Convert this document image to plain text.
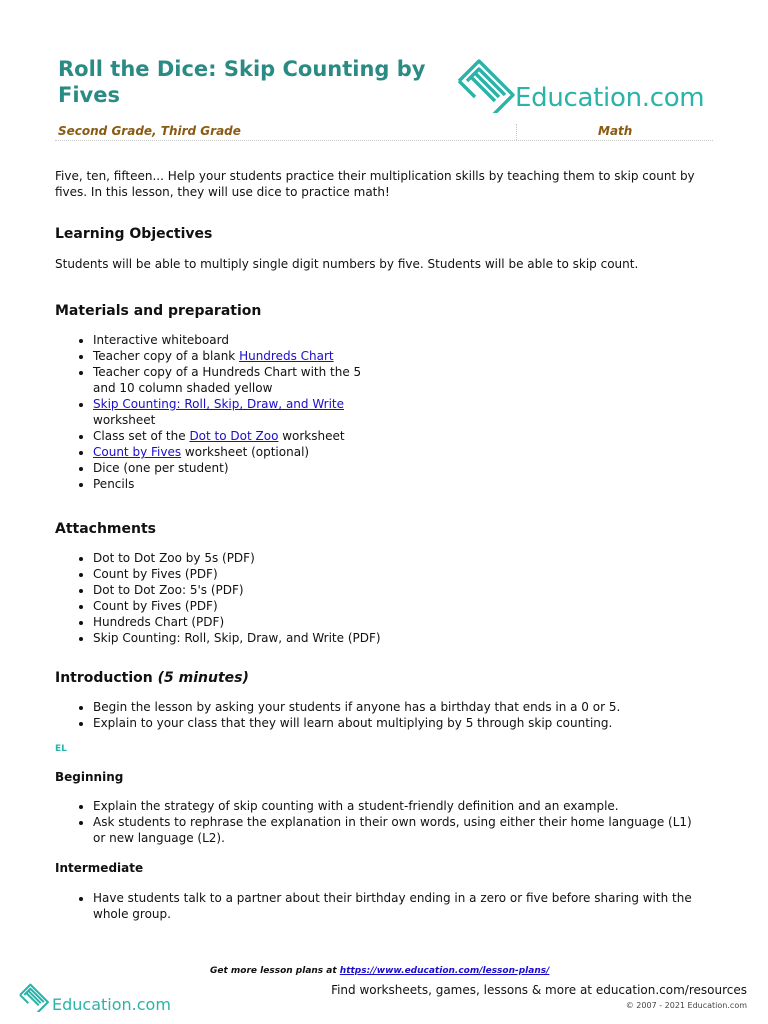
Roll the Dice: Skip Counting by Fives	Education.com
Second Grade, Third Grade	Math

Five, ten, fifteen... Help your students practice their multiplication skills by teaching them to skip count by fives. In this lesson, they will use dice to practice math!

Learning Objectives

Students will be able to multiply single digit numbers by five. Students will be able to skip count.

Materials and preparation

• Interactive whiteboard
• Teacher copy of a blank Hundreds Chart
• Teacher copy of a Hundreds Chart with the 5 and 10 column shaded yellow
• Skip Counting: Roll, Skip, Draw, and Write worksheet
• Class set of the Dot to Dot Zoo worksheet
• Count by Fives worksheet (optional)
• Dice (one per student)
• Pencils

Attachments

• Dot to Dot Zoo by 5s (PDF)
• Count by Fives (PDF)
• Dot to Dot Zoo: 5's (PDF)
• Count by Fives (PDF)
• Hundreds Chart (PDF)
• Skip Counting: Roll, Skip, Draw, and Write (PDF)

Introduction (5 minutes)

• Begin the lesson by asking your students if anyone has a birthday that ends in a 0 or 5.
• Explain to your class that they will learn about multiplying by 5 through skip counting.

EL

Beginning

• Explain the strategy of skip counting with a student-friendly definition and an example.
• Ask students to rephrase the explanation in their own words, using either their home language (L1) or new language (L2).

Intermediate

• Have students talk to a partner about their birthday ending in a zero or five before sharing with the whole group.
Get more lesson plans at https://www.education.com/lesson-plans/
Education.com
Find worksheets, games, lessons & more at education.com/resources
© 2007 - 2021 Education.com
